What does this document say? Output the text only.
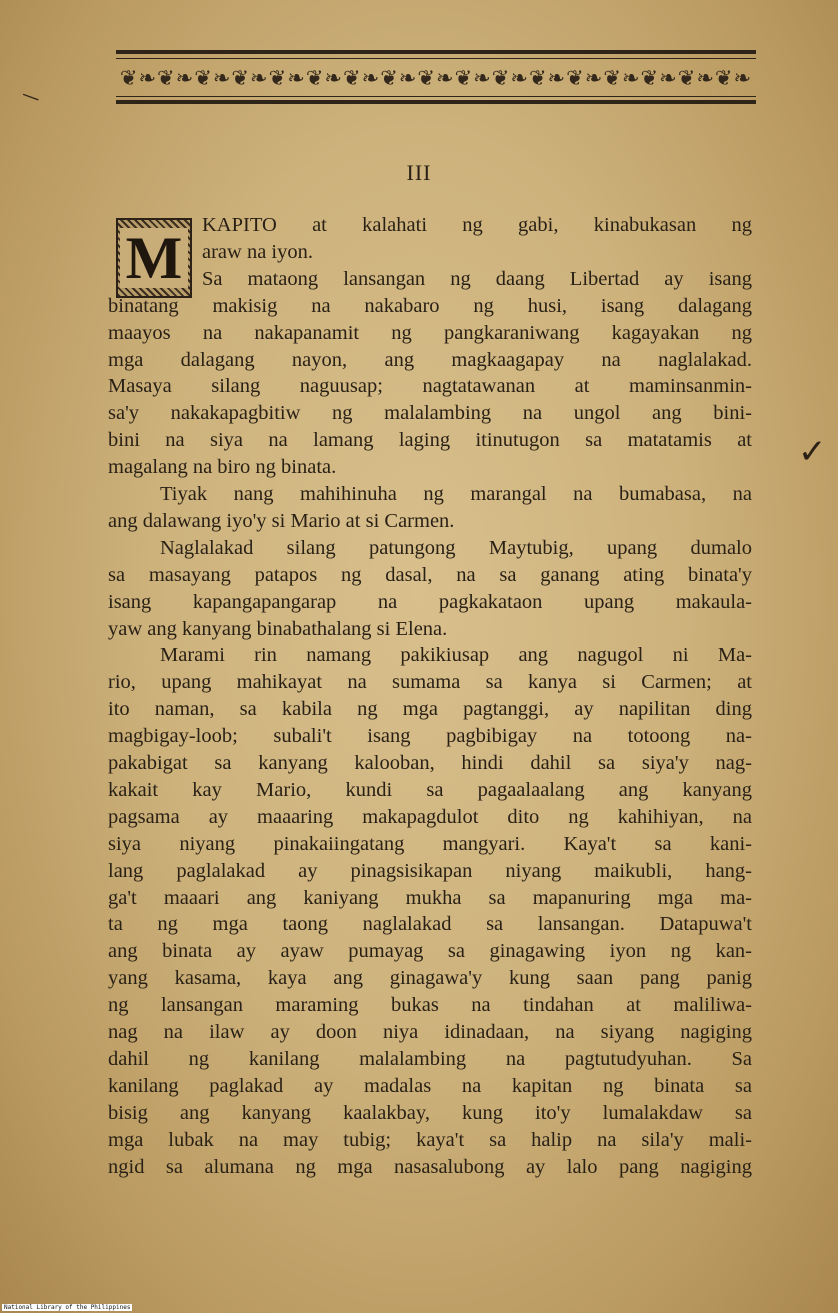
❦❧❦❧❦❧❦❧❦❧❦❧❦❧❦❧❦❧❦❧❦❧❦❧❦❧❦❧❦❧❦❧❦❧
III
M KAPITO at kalahati ng gabi, kinabukasan ng
araw na iyon.
Sa mataong lansangan ng daang Libertad ay isang
binatang makisig na nakabaro ng husi, isang dalagang
maayos na nakapanamit ng pangkaraniwang kagayakan ng
mga dalagang nayon, ang magkaagapay na naglalakad.
Masaya silang naguusap; nagtatawanan at maminsanmin-
sa'y nakakapagbitiw ng malalambing na ungol ang bini-
bini na siya na lamang laging itinutugon sa matatamis at
magalang na biro ng binata.
Tiyak nang mahihinuha ng marangal na bumabasa, na
ang dalawang iyo'y si Mario at si Carmen.
Naglalakad silang patungong Maytubig, upang dumalo
sa masayang patapos ng dasal, na sa ganang ating binata'y
isang kapangapangarap na pagkakataon upang makaula-
yaw ang kanyang binabathalang si Elena.
Marami rin namang pakikiusap ang nagugol ni Ma-
rio, upang mahikayat na sumama sa kanya si Carmen; at
ito naman, sa kabila ng mga pagtanggi, ay napilitan ding
magbigay-loob; subali't isang pagbibigay na totoong na-
pakabigat sa kanyang kalooban, hindi dahil sa siya'y nag-
kakait kay Mario, kundi sa pagaalaalang ang kanyang
pagsama ay maaaring makapagdulot dito ng kahihiyan, na
siya niyang pinakaiingatang mangyari. Kaya't sa kani-
lang paglalakad ay pinagsisikapan niyang maikubli, hang-
ga't maaari ang kaniyang mukha sa mapanuring mga ma-
ta ng mga taong naglalakad sa lansangan. Datapuwa't
ang binata ay ayaw pumayag sa ginagawing iyon ng kan-
yang kasama, kaya ang ginagawa'y kung saan pang panig
ng lansangan maraming bukas na tindahan at maliliwa-
nag na ilaw ay doon niya idinadaan, na siyang nagiging
dahil ng kanilang malalambing na pagtutudyuhan. Sa
kanilang paglakad ay madalas na kapitan ng binata sa
bisig ang kanyang kaalakbay, kung ito'y lumalakdaw sa
mga lubak na may tubig; kaya't sa halip na sila'y mali-
ngid sa alumana ng mga nasasalubong ay lalo pang nagiging
—
✓
National Library of the Philippines
